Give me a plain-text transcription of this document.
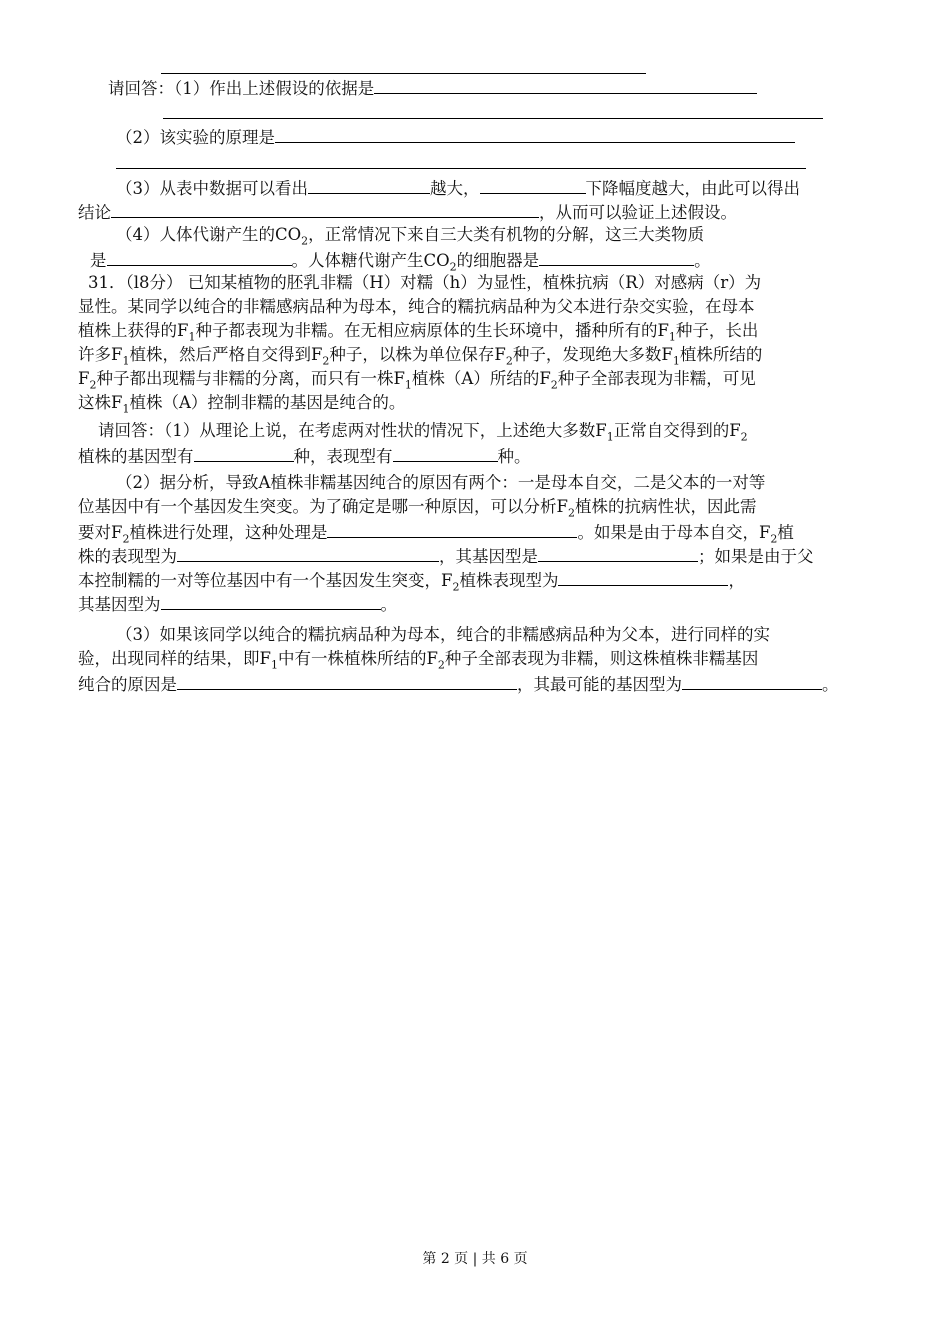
请回答：（1）作出上述假设的依据是
（2）该实验的原理是
（3）从表中数据可以看出	越大，	下降幅度越大，由此可以得出
结论	，从而可以验证上述假设。
（4）人体代谢产生的$CO_2$，正常情况下来自三大类有机物的分解，这三大类物质
是	。人体糖代谢产生$CO_2$的细胞器是	。
31．（l8分） 已知某植物的胚乳非糯（H）对糯（h）为显性，植株抗病（R）对感病（r）为
显性。某同学以纯合的非糯感病品种为母本，纯合的糯抗病品种为父本进行杂交实验，在母本
植株上获得的$F_1$种子都表现为非糯。在无相应病原体的生长环境中，播种所有的$F_1$种子，长出
许多$F_1$植株，然后严格自交得到$F_2$种子，以株为单位保存$F_2$种子，发现绝大多数$F_1$植株所结的
$F_2$种子都出现糯与非糯的分离，而只有一株$F_1$植株（A）所结的$F_2$种子全部表现为非糯，可见
这株$F_1$植株（A）控制非糯的基因是纯合的。
请回答：（1）从理论上说，在考虑两对性状的情况下，上述绝大多数$F_1$正常自交得到的$F_2$
植株的基因型有	种，表现型有	种。
（2）据分析，导致A植株非糯基因纯合的原因有两个：一是母本自交，二是父本的一对等
位基因中有一个基因发生突变。为了确定是哪一种原因，可以分析$F_2$植株的抗病性状，因此需
要对$F_2$植株进行处理，这种处理是	。如果是由于母本自交，$F_2$植
株的表现型为	，其基因型是	；如果是由于父
本控制糯的一对等位基因中有一个基因发生突变，$F_2$植株表现型为	，
其基因型为	。
（3）如果该同学以纯合的糯抗病品种为母本，纯合的非糯感病品种为父本，进行同样的实
验，出现同样的结果，即$F_1$中有一株植株所结的$F_2$种子全部表现为非糯，则这株植株非糯基因
纯合的原因是	，其最可能的基因型为	。
第 2 页 | 共 6 页
